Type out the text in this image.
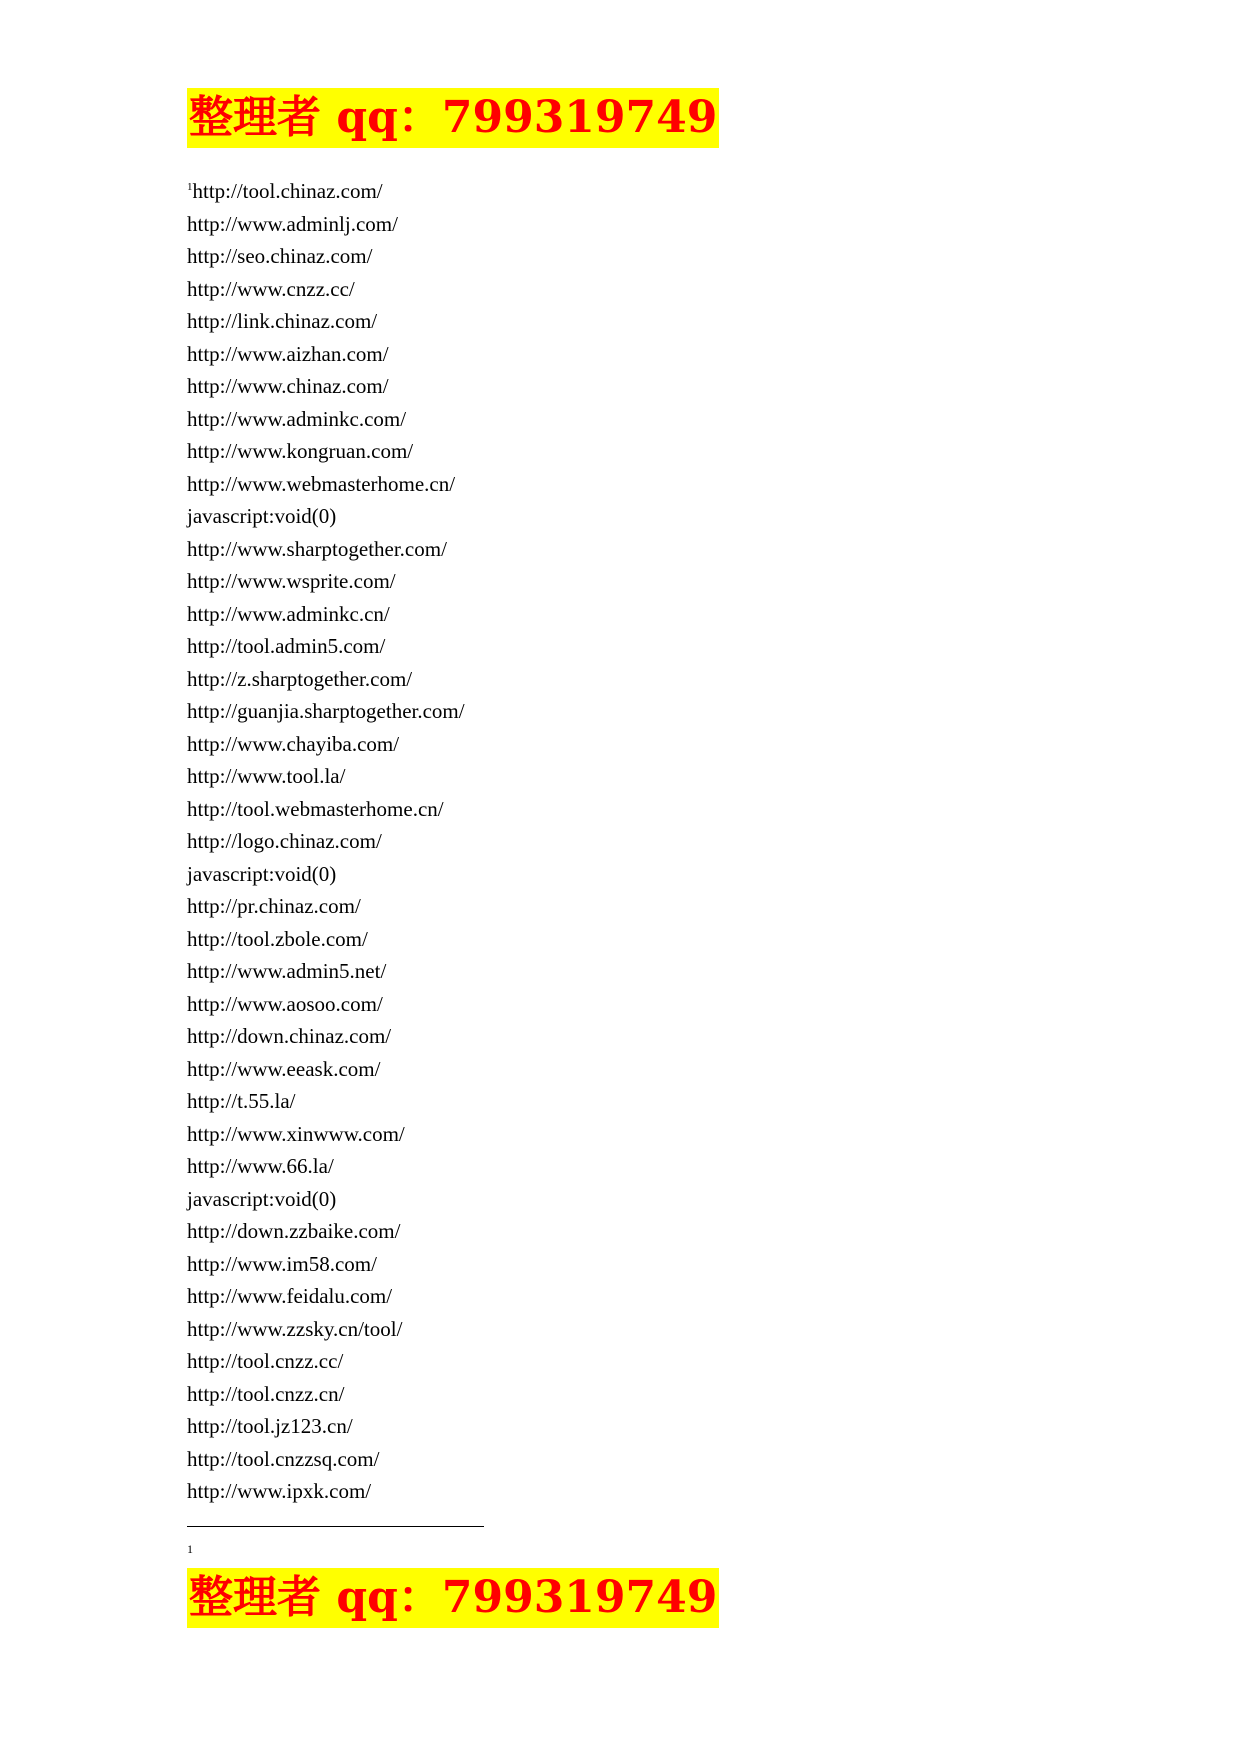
整理者 qq：799319749
$^1$http://tool.chinaz.com/
http://www.adminlj.com/
http://seo.chinaz.com/
http://www.cnzz.cc/
http://link.chinaz.com/
http://www.aizhan.com/
http://www.chinaz.com/
http://www.adminkc.com/
http://www.kongruan.com/
http://www.webmasterhome.cn/
javascript:void(0)
http://www.sharptogether.com/
http://www.wsprite.com/
http://www.adminkc.cn/
http://tool.admin5.com/
http://z.sharptogether.com/
http://guanjia.sharptogether.com/
http://www.chayiba.com/
http://www.tool.la/
http://tool.webmasterhome.cn/
http://logo.chinaz.com/
javascript:void(0)
http://pr.chinaz.com/
http://tool.zbole.com/
http://www.admin5.net/
http://www.aosoo.com/
http://down.chinaz.com/
http://www.eeask.com/
http://t.55.la/
http://www.xinwww.com/
http://www.66.la/
javascript:void(0)
http://down.zzbaike.com/
http://www.im58.com/
http://www.feidalu.com/
http://www.zzsky.cn/tool/
http://tool.cnzz.cc/
http://tool.cnzz.cn/
http://tool.jz123.cn/
http://tool.cnzzsq.com/
http://www.ipxk.com/
1
整理者 qq：799319749
